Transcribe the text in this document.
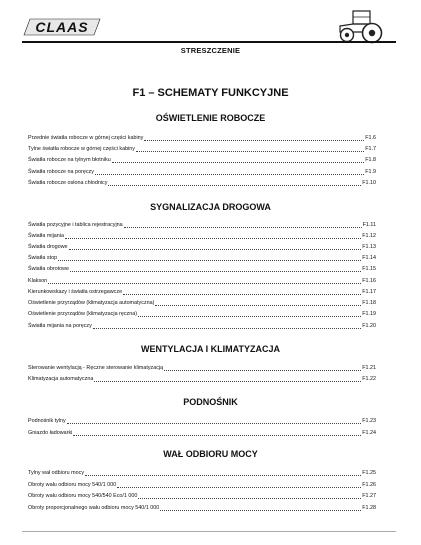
CLAAS
STRESZCZENIE
F1 – SCHEMATY FUNKCYJNE
OŚWIETLENIE ROBOCZE
Przednie światła robocze w górnej części kabiny	F1.6
Tylne światła robocze w górnej części kabiny	F1.7
Światła robocze na tylnym błotniku	F1.8
Światła robocze na poręczy	F1.9
Światła robocze osłona chłodnicy	F1.10
SYGNALIZACJA DROGOWA
Światła pozycyjne i tablica rejestracyjna	F1.11
Światła mijania	F1.12
Światła drogowe	F1.13
Światła stop	F1.14
Światła obrotowe	F1.15
Klakson	F1.16
Kierunkowskazy i światła ostrzegawcze	F1.17
Oświetlenie przyrządów (klimatyzacja automatyczna)	F1.18
Oświetlenie przyrządów (klimatyzacja ręczna)	F1.19
Światła mijania na poręczy	F1.20
WENTYLACJA I KLIMATYZACJA
Sterowanie wentylacją - Ręczne sterowanie klimatyzacją	F1.21
Klimatyzacja automatyczna	F1.22
PODNOŚNIK
Podnośnik tylny	F1.23
Gniazdo ładowarki	F1.24
WAŁ ODBIORU MOCY
Tylny wał odbioru mocy	F1.25
Obroty wału odbioru mocy 540/1 000	F1.26
Obroty wału odbioru mocy 540/540 Eco/1 000	F1.27
Obroty proporcjonalnego wału odbioru mocy 540/1 000	F1.28
